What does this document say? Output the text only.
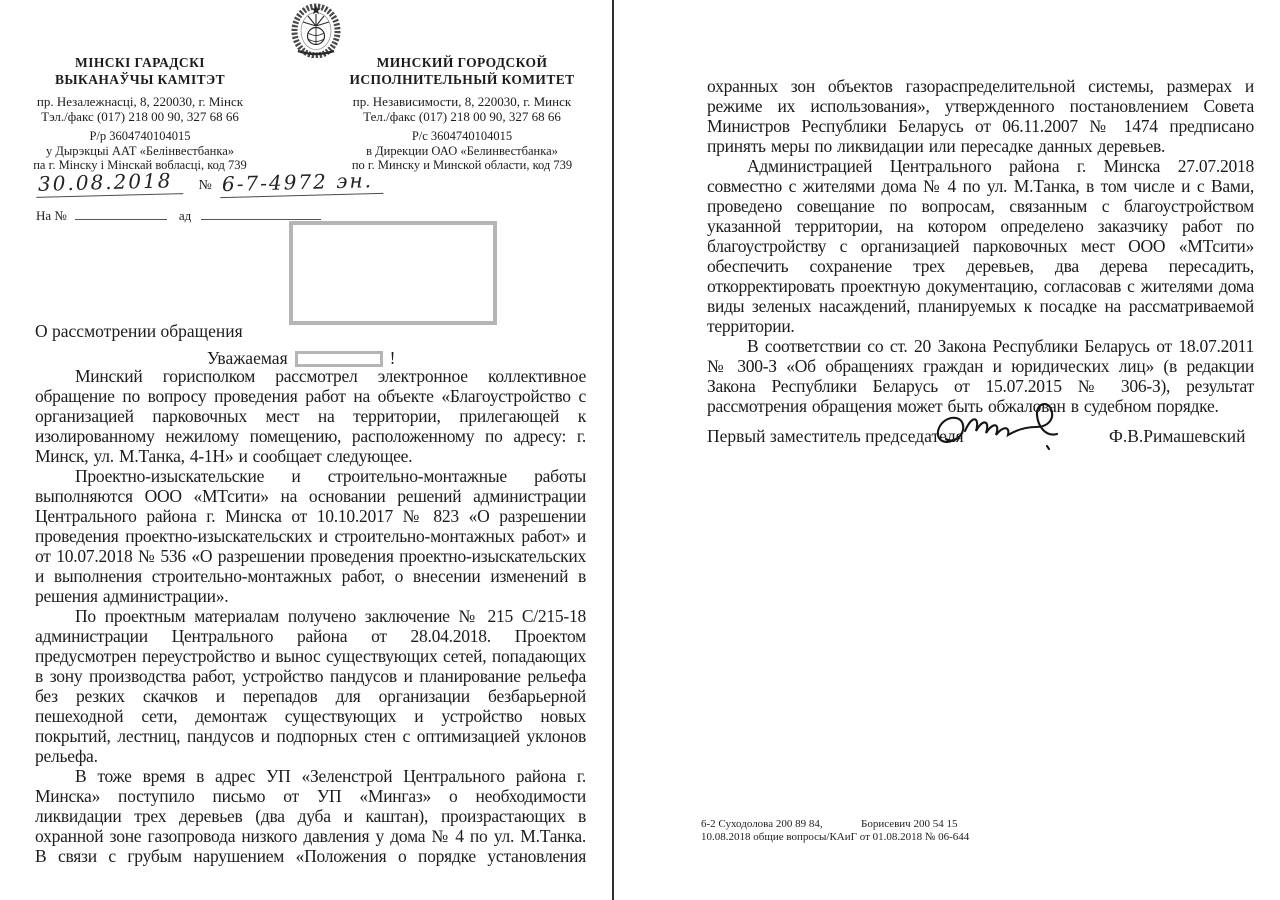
МІНСКІ ГАРАДСКІ
ВЫКАНАЎЧЫ КАМІТЭТ
пр. Незалежнасці, 8, 220030, г. Мінск
Тэл./факс (017) 218 00 90, 327 68 66
Р/р 3604740104015
у Дырэкцыі ААТ «Белінвестбанка»
па г. Мінску і Мінскай вобласці, код 739
МИНСКИЙ ГОРОДСКОЙ
ИСПОЛНИТЕЛЬНЫЙ КОМИТЕТ
пр. Независимости, 8, 220030, г. Минск
Тел./факс (017) 218 00 90, 327 68 66
Р/с 3604740104015
в Дирекции ОАО «Белинвестбанка»
по г. Минску и Минской области, код 739
30.08.2018 № 6-7-4972 эн.
На №	ад
О рассмотрении обращения
Уважаемая	!

Минский горисполком рассмотрел электронное коллективное обращение по вопросу проведения работ на объекте «Благоустройство с организацией парковочных мест на территории, прилегающей к изолированному нежилому помещению, расположенному по адресу: г. Минск, ул. М.Танка, 4-1Н» и сообщает следующее.

Проектно-изыскательские и строительно-монтажные работы выполняются ООО «МТсити» на основании решений администрации Центрального района г. Минска от 10.10.2017 № 823 «О разрешении проведения проектно-изыскательских и строительно-монтажных работ» и от 10.07.2018 № 536 «О разрешении проведения проектно-изыскательских и выполнения строительно-монтажных работ, о внесении изменений в решения администрации».

По проектным материалам получено заключение № 215 С/215-18 администрации Центрального района от 28.04.2018. Проектом предусмотрен переустройство и вынос существующих сетей, попадающих в зону производства работ, устройство пандусов и планирование рельефа без резких скачков и перепадов для организации безбарьерной пешеходной сети, демонтаж существующих и устройство новых покрытий, лестниц, пандусов и подпорных стен с оптимизацией уклонов рельефа.

В тоже время в адрес УП «Зеленстрой Центрального района г. Минска» поступило письмо от УП «Мингаз» о необходимости ликвидации трех деревьев (два дуба и каштан), произрастающих в охранной зоне газопровода низкого давления у дома № 4 по ул. М.Танка. В связи с грубым нарушением «Положения о порядке установления

охранных зон объектов газораспределительной системы, размерах и режиме их использования», утвержденного постановлением Совета Министров Республики Беларусь от 06.11.2007 № 1474 предписано принять меры по ликвидации или пересадке данных деревьев.

Администрацией Центрального района г. Минска 27.07.2018 совместно с жителями дома № 4 по ул. М.Танка, в том числе и с Вами, проведено совещание по вопросам, связанным с благоустройством указанной территории, на котором определено заказчику работ по благоустройству с организацией парковочных мест ООО «МТсити» обеспечить сохранение трех деревьев, два дерева пересадить, откорректировать проектную документацию, согласовав с жителями дома виды зеленых насаждений, планируемых к посадке на рассматриваемой территории.

В соответствии со ст. 20 Закона Республики Беларусь от 18.07.2011 № 300-З «Об обращениях граждан и юридических лиц» (в редакции Закона Республики Беларусь от 15.07.2015 № 306-З), результат рассмотрения обращения может быть обжалован в судебном порядке.

Первый заместитель председателя	Ф.В.Римашевский
6-2 Суходолова 200 89 84,	Борисевич 200 54 15
10.08.2018 общие вопросы/КАиГ от 01.08.2018 № 06-644
